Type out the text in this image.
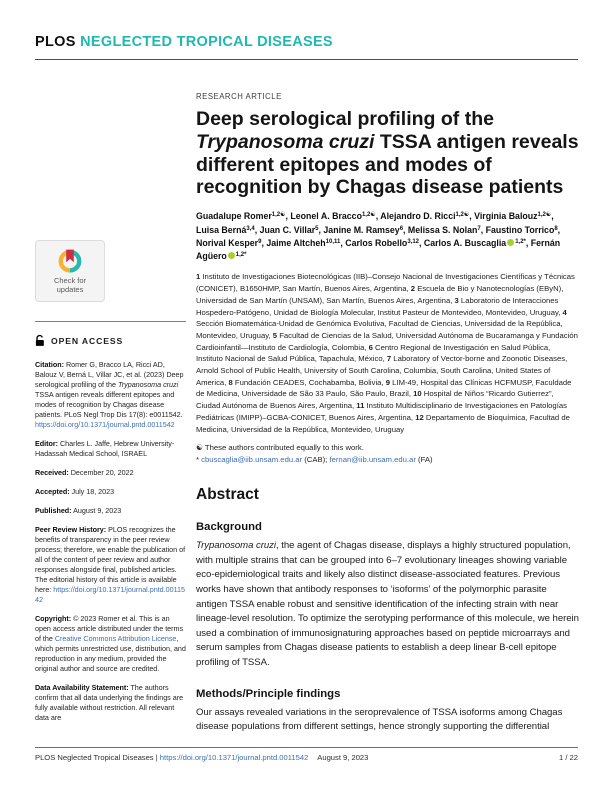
PLOS NEGLECTED TROPICAL DISEASES
Check for updates
OPEN ACCESS

Citation: Romer G, Bracco LA, Ricci AD, Balouz V, Berná L, Villar JC, et al. (2023) Deep serological profiling of the Trypanosoma cruzi TSSA antigen reveals different epitopes and modes of recognition by Chagas disease patients. PLoS Negl Trop Dis 17(8): e0011542. https://doi.org/10.1371/journal.pntd.0011542

Editor: Charles L. Jaffe, Hebrew University-Hadassah Medical School, ISRAEL

Received: December 20, 2022

Accepted: July 18, 2023

Published: August 9, 2023

Peer Review History: PLOS recognizes the benefits of transparency in the peer review process; therefore, we enable the publication of all of the content of peer review and author responses alongside final, published articles. The editorial history of this article is available here: https://doi.org/10.1371/journal.pntd.0011542

Copyright: © 2023 Romer et al. This is an open access article distributed under the terms of the Creative Commons Attribution License, which permits unrestricted use, distribution, and reproduction in any medium, provided the original author and source are credited.

Data Availability Statement: The authors confirm that all data underlying the findings are fully available without restriction. All relevant data are

RESEARCH ARTICLE
Deep serological profiling of the Trypanosoma cruzi TSSA antigen reveals different epitopes and modes of recognition by Chagas disease patients
Guadalupe Romer$^{1,2☯}$, Leonel A. Bracco$^{1,2☯}$, Alejandro D. Ricci$^{1,2☯}$, Virginia Balouz$^{1,2☯}$, Luisa Berná$^{3,4}$, Juan C. Villar$^5$, Janine M. Ramsey$^6$, Melissa S. Nolan$^7$, Faustino Torrico$^8$, Norival Kesper$^9$, Jaime Altcheh$^{10,11}$, Carlos Robello$^{3,12}$, Carlos A. Buscaglia $^{1,2*}$, Fernán Agüero $^{1,2*}$
1 Instituto de Investigaciones Biotecnológicas (IIB)–Consejo Nacional de Investigaciones Científicas y Técnicas (CONICET), B1650HMP, San Martín, Buenos Aires, Argentina, 2 Escuela de Bio y Nanotecnologías (EByN), Universidad de San Martín (UNSAM), San Martín, Buenos Aires, Argentina, 3 Laboratorio de Interacciones Hospedero-Patógeno, Unidad de Biología Molecular, Institut Pasteur de Montevideo, Montevideo, Uruguay, 4 Sección Biomatemática-Unidad de Genómica Evolutiva, Facultad de Ciencias, Universidad de la República, Montevideo, Uruguay, 5 Facultad de Ciencias de la Salud, Universidad Autónoma de Bucaramanga y Fundación Cardioinfantil—Instituto de Cardiología, Colombia, 6 Centro Regional de Investigación en Salud Pública, Instituto Nacional de Salud Pública, Tapachula, México, 7 Laboratory of Vector-borne and Zoonotic Diseases, Arnold School of Public Health, University of South Carolina, Columbia, South Carolina, United States of America, 8 Fundación CEADES, Cochabamba, Bolivia, 9 LIM-49, Hospital das Clínicas HCFMUSP, Faculdade de Medicina, Universidade de São 33 Paulo, São Paulo, Brazil, 10 Hospital de Niños “Ricardo Gutierrez”, Ciudad Autónoma de Buenos Aires, Argentina, 11 Instituto Multidisciplinario de Investigaciones en Patologías Pediátricas (IMIPP)–GCBA-CONICET, Buenos Aires, Argentina, 12 Departamento de Bioquímica, Facultad de Medicina, Universidad de la República, Montevideo, Uruguay

☯ These authors contributed equally to this work.

* cbuscaglia@iib.unsam.edu.ar (CAB); fernan@iib.unsam.edu.ar (FA)

Abstract
Background

Trypanosoma cruzi, the agent of Chagas disease, displays a highly structured population, with multiple strains that can be grouped into 6–7 evolutionary lineages showing variable eco-epidemiological traits and likely also distinct disease-associated features. Previous works have shown that antibody responses to ‘isoforms’ of the polymorphic parasite antigen TSSA enable robust and sensitive identification of the infecting strain with near lineage-level resolution. To optimize the serotyping performance of this molecule, we herein used a combination of immunosignaturing approaches based on peptide microarrays and serum samples from Chagas disease patients to establish a deep linear B-cell epitope profiling of TSSA.

Methods/Principle findings

Our assays revealed variations in the seroprevalence of TSSA isoforms among Chagas disease populations from different settings, hence strongly supporting the differential

PLOS Neglected Tropical Diseases | https://doi.org/10.1371/journal.pntd.0011542 August 9, 2023	1 / 22
